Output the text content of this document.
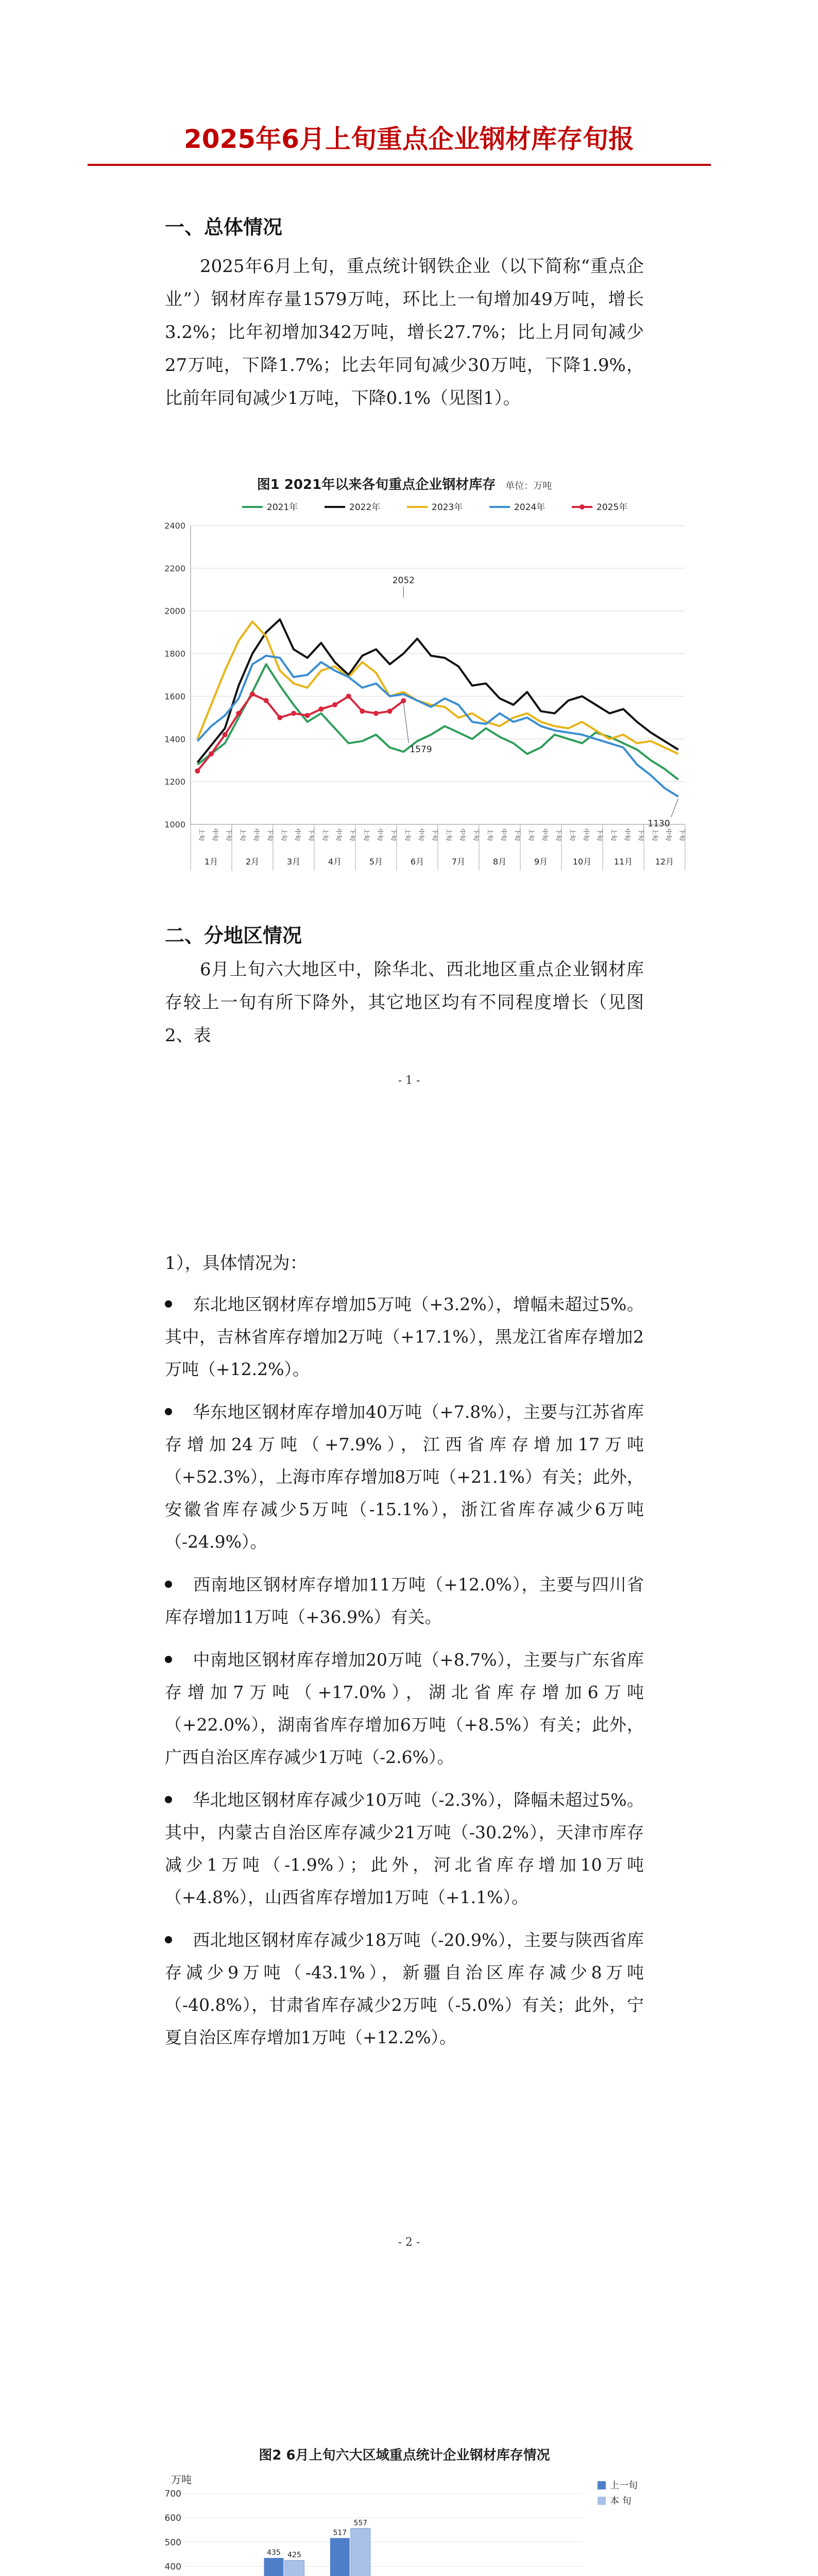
2025年6月上旬重点企业钢材库存旬报
一、总体情况
2025年6月上旬，重点统计钢铁企业（以下简称“重点企业”）钢材库存量1579万吨，环比上一旬增加49万吨，增长3.2%；比年初增加342万吨，增长27.7%；比上月同旬减少27万吨，下降1.7%；比去年同旬减少30万吨，下降1.9%，比前年同旬减少1万吨，下降0.1%（见图1）。
图1 2021年以来各旬重点企业钢材库存 单位：万吨
2021年	2022年	2023年	2024年	2025年
1000
1200
1400
1600
1800
2000
2200
2400
2052
1579
1130
上旬 中旬 下旬 上旬 中旬 下旬 上旬 中旬 下旬 上旬 中旬 下旬 上旬 中旬 下旬 上旬 中旬 下旬 上旬 中旬 下旬 上旬 中旬 下旬 上旬 中旬 下旬 上旬 中旬 下旬 上旬 中旬 下旬 上旬 中旬 下旬
1月	2月	3月	4月	5月	6月	7月	8月	9月	10月	11月	12月
二、分地区情况
6月上旬六大地区中，除华北、西北地区重点企业钢材库存较上一旬有所下降外，其它地区均有不同程度增长（见图2、表
- 1 -
1），具体情况为：
东北地区钢材库存增加5万吨（+3.2%），增幅未超过5%。其中，吉林省库存增加2万吨（+17.1%），黑龙江省库存增加2万吨（+12.2%）。
华东地区钢材库存增加40万吨（+7.8%），主要与江苏省库存增加24万吨（+7.9%），江西省库存增加17万吨（+52.3%），上海市库存增加8万吨（+21.1%）有关；此外，安徽省库存减少5万吨（-15.1%），浙江省库存减少6万吨（-24.9%）。
西南地区钢材库存增加11万吨（+12.0%），主要与四川省库存增加11万吨（+36.9%）有关。
中南地区钢材库存增加20万吨（+8.7%），主要与广东省库存增加7万吨（+17.0%），湖北省库存增加6万吨（+22.0%），湖南省库存增加6万吨（+8.5%）有关；此外，广西自治区库存减少1万吨（-2.6%）。
华北地区钢材库存减少10万吨（-2.3%），降幅未超过5%。其中，内蒙古自治区库存减少21万吨（-30.2%），天津市库存减少1万吨（-1.9%）；此外，河北省库存增加10万吨（+4.8%），山西省库存增加1万吨（+1.1%）。
西北地区钢材库存减少18万吨（-20.9%），主要与陕西省库存减少9万吨（-43.1%），新疆自治区库存减少8万吨（-40.8%），甘肃省库存减少2万吨（-5.0%）有关；此外，宁夏自治区库存增加1万吨（+12.2%）。
- 2 -
图2 6月上旬六大区域重点统计企业钢材库存情况
万吨
400
500
600
700
435 425
517
557
上一旬
本 旬
